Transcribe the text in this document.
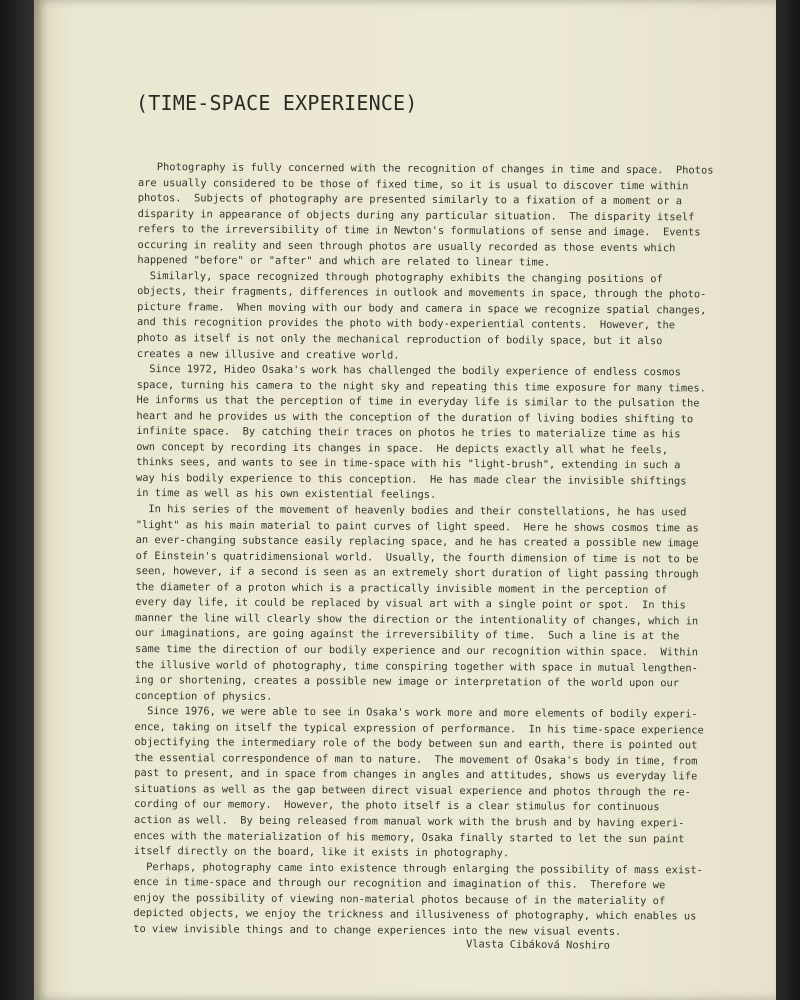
(TIME-SPACE EXPERIENCE)
Photography is fully concerned with the recognition of changes in time and space.  Photos
are usually considered to be those of fixed time, so it is usual to discover time within
photos.  Subjects of photography are presented similarly to a fixation of a moment or a
disparity in appearance of objects during any particular situation.  The disparity itself
refers to the irreversibility of time in Newton's formulations of sense and image.  Events
occuring in reality and seen through photos are usually recorded as those events which
happened "before" or "after" and which are related to linear time.
Similarly, space recognized through photography exhibits the changing positions of
objects, their fragments, differences in outlook and movements in space, through the photo-
picture frame.  When moving with our body and camera in space we recognize spatial changes,
and this recognition provides the photo with body-experiential contents.  However, the
photo as itself is not only the mechanical reproduction of bodily space, but it also
creates a new illusive and creative world.
Since 1972, Hideo Osaka's work has challenged the bodily experience of endless cosmos
space, turning his camera to the night sky and repeating this time exposure for many times.
He informs us that the perception of time in everyday life is similar to the pulsation the
heart and he provides us with the conception of the duration of living bodies shifting to
infinite space.  By catching their traces on photos he tries to materialize time as his
own concept by recording its changes in space.  He depicts exactly all what he feels,
thinks sees, and wants to see in time-space with his "light-brush", extending in such a
way his bodily experience to this conception.  He has made clear the invisible shiftings
in time as well as his own existential feelings.
In his series of the movement of heavenly bodies and their constellations, he has used
"light" as his main material to paint curves of light speed.  Here he shows cosmos time as
an ever-changing substance easily replacing space, and he has created a possible new image
of Einstein's quatridimensional world.  Usually, the fourth dimension of time is not to be
seen, however, if a second is seen as an extremely short duration of light passing through
the diameter of a proton which is a practically invisible moment in the perception of
every day life, it could be replaced by visual art with a single point or spot.  In this
manner the line will clearly show the direction or the intentionality of changes, which in
our imaginations, are going against the irreversibility of time.  Such a line is at the
same time the direction of our bodily experience and our recognition within space.  Within
the illusive world of photography, time conspiring together with space in mutual lengthen-
ing or shortening, creates a possible new image or interpretation of the world upon our
conception of physics.
Since 1976, we were able to see in Osaka's work more and more elements of bodily experi-
ence, taking on itself the typical expression of performance.  In his time-space experience
objectifying the intermediary role of the body between sun and earth, there is pointed out
the essential correspondence of man to nature.  The movement of Osaka's body in time, from
past to present, and in space from changes in angles and attitudes, shows us everyday life
situations as well as the gap between direct visual experience and photos through the re-
cording of our memory.  However, the photo itself is a clear stimulus for continuous
action as well.  By being released from manual work with the brush and by having experi-
ences with the materialization of his memory, Osaka finally started to let the sun paint
itself directly on the board, like it exists in photography.
Perhaps, photography came into existence through enlarging the possibility of mass exist-
ence in time-space and through our recognition and imagination of this.  Therefore we
enjoy the possibility of viewing non-material photos because of in the materiality of
depicted objects, we enjoy the trickness and illusiveness of photography, which enables us
to view invisible things and to change experiences into the new visual events.
Vlasta Cibáková Noshiro
